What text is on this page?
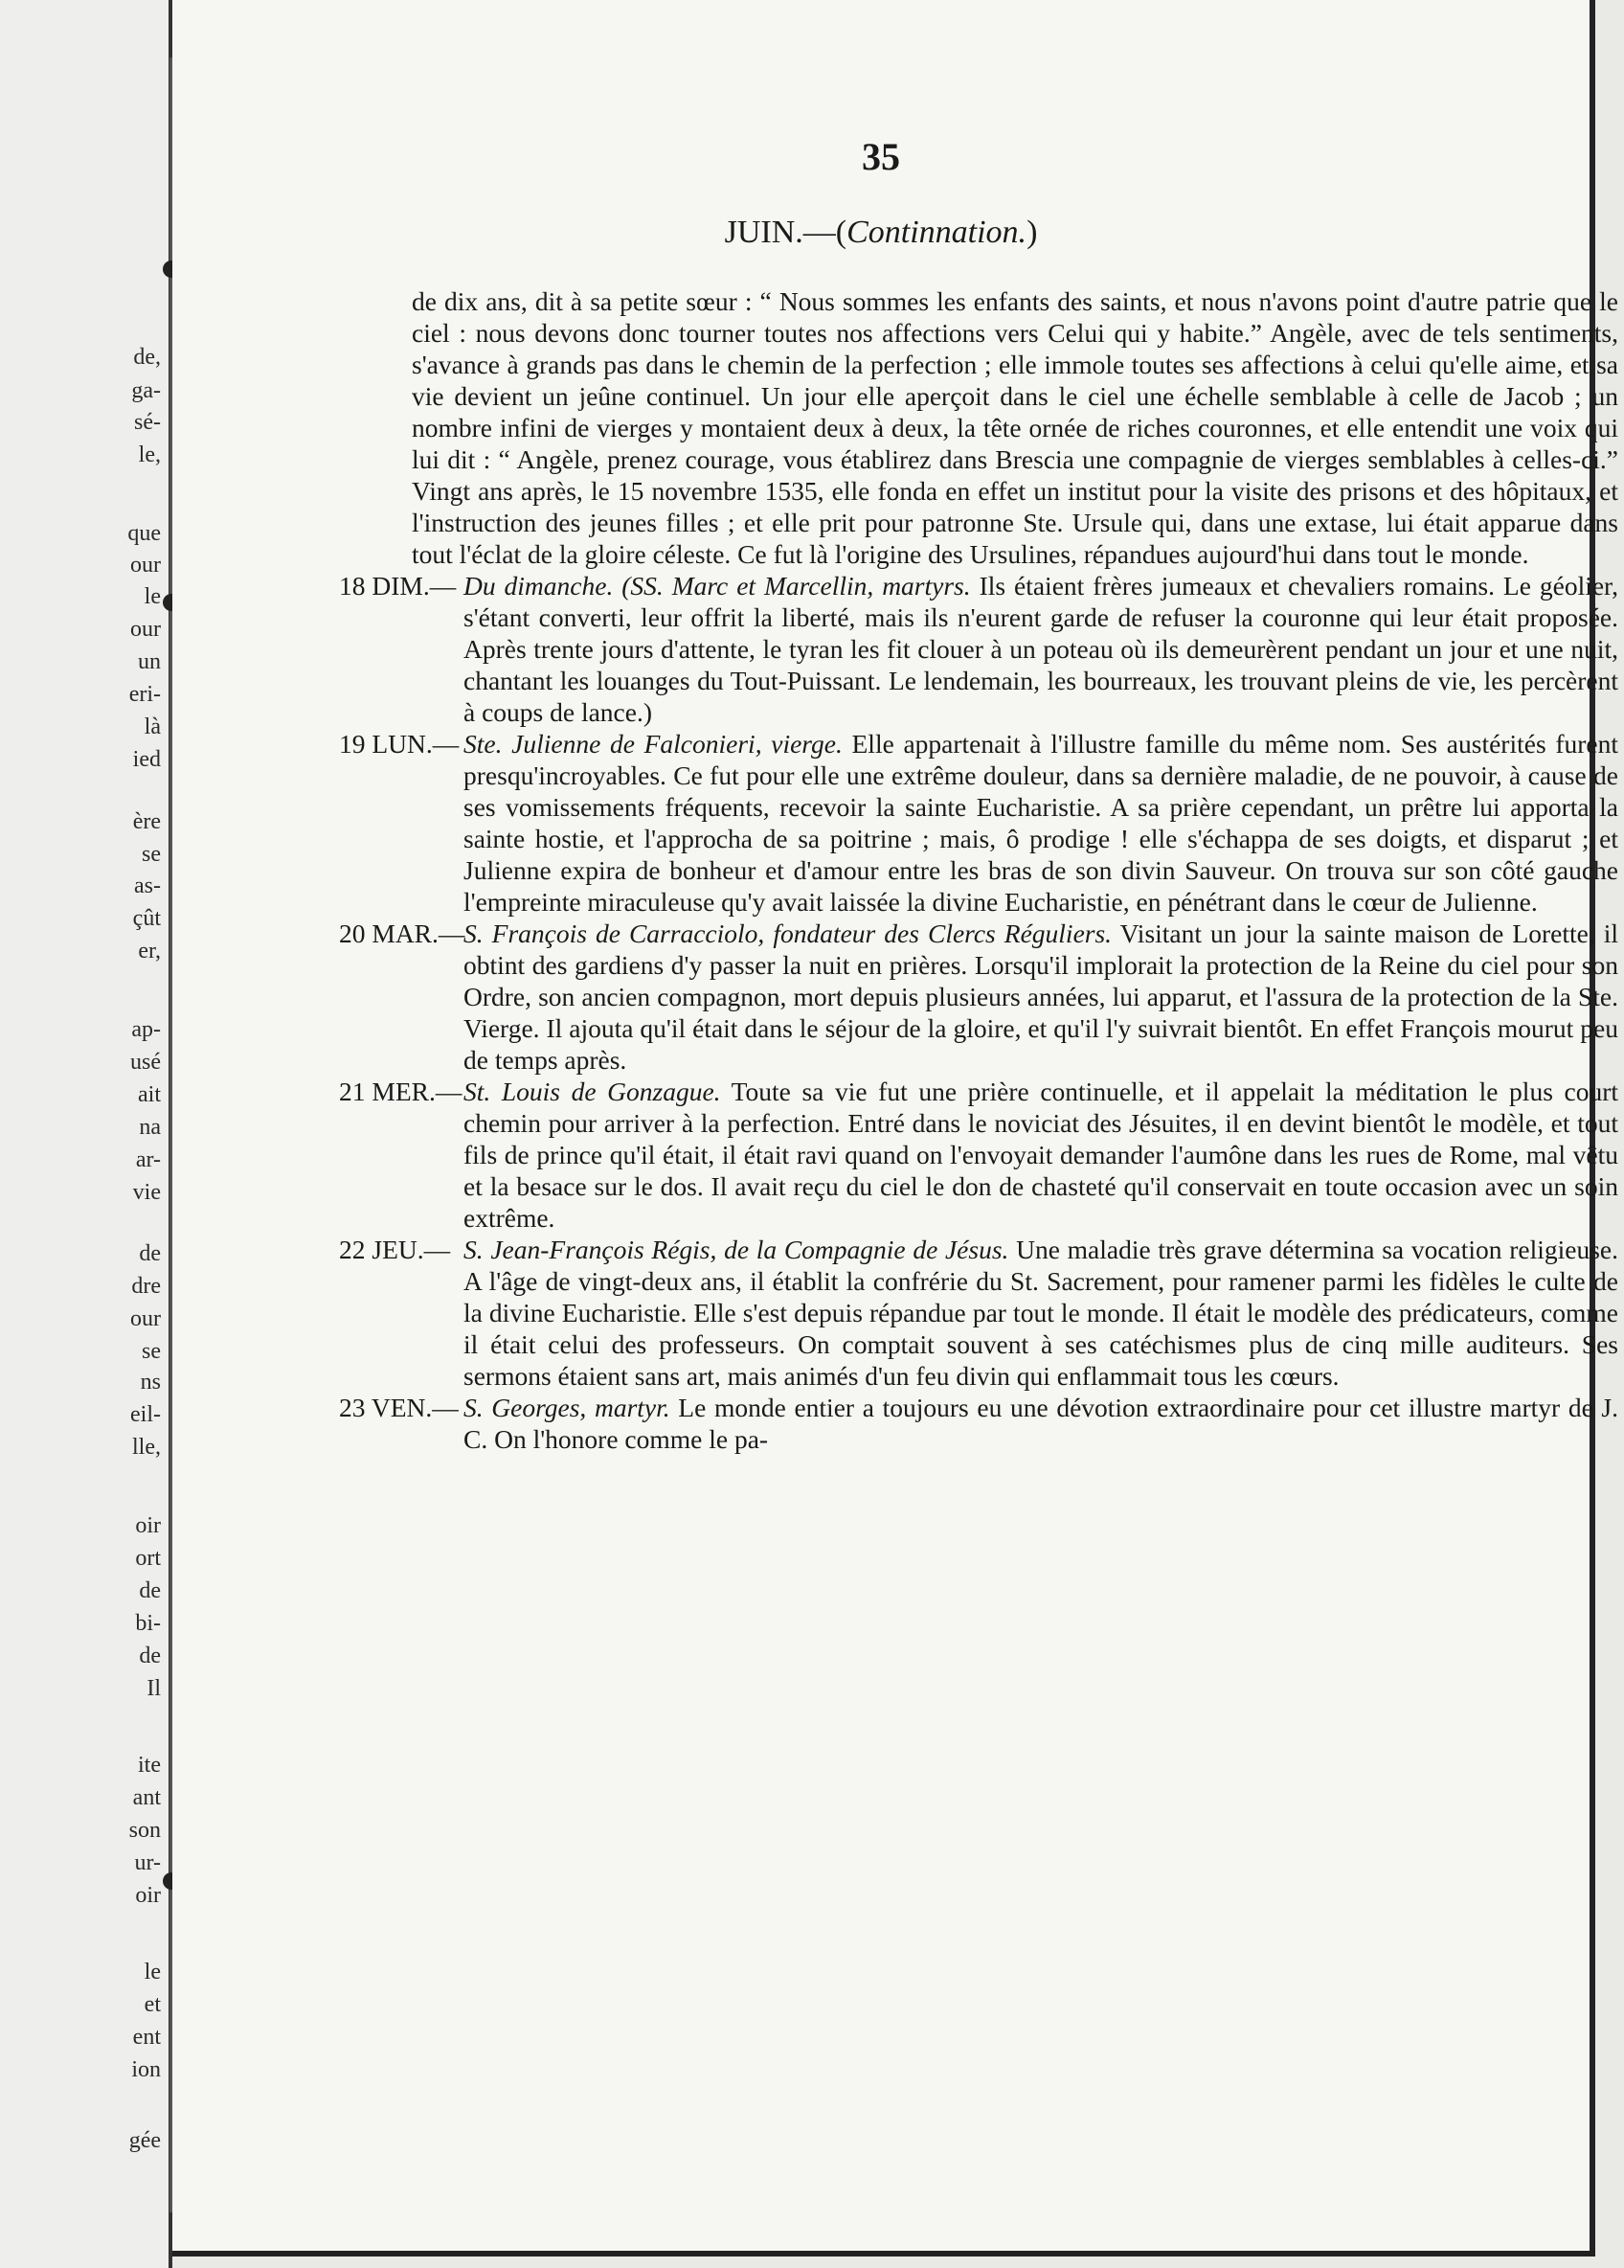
de,
ga-
sé-
le,
que
our
le
our
un
eri-
là
ied
ère
se
as-
çût
er,
ap-
usé
ait
na
ar-
vie
de
dre
our
se
ns
eil-
lle,
oir
ort
de
bi-
de
Il
ite
ant
son
ur-
oir
le
et
ent
ion
gée
35
JUIN.—(Continnation.)

de dix ans, dit à sa petite sœur : “ Nous sommes les enfants des saints, et nous n'avons point d'autre patrie que le ciel : nous devons donc tourner toutes nos affections vers Celui qui y habite.” Angèle, avec de tels sentiments, s'avance à grands pas dans le chemin de la perfection ; elle immole toutes ses affections à celui qu'elle aime, et sa vie devient un jeûne continuel. Un jour elle aperçoit dans le ciel une échelle semblable à celle de Jacob ; un nombre infini de vierges y montaient deux à deux, la tête ornée de riches couronnes, et elle entendit une voix qui lui dit : “ Angèle, prenez courage, vous établirez dans Brescia une compagnie de vierges semblables à celles-ci.” Vingt ans après, le 15 novembre 1535, elle fonda en effet un institut pour la visite des prisons et des hôpitaux, et l'instruction des jeunes filles ; et elle prit pour patronne Ste. Ursule qui, dans une extase, lui était apparue dans tout l'éclat de la gloire céleste. Ce fut là l'origine des Ursulines, répandues aujourd'hui dans tout le monde.

18 DIM.— Du dimanche. (SS. Marc et Marcellin, martyrs. Ils étaient frères jumeaux et chevaliers romains. Le géolier, s'étant converti, leur offrit la liberté, mais ils n'eurent garde de refuser la couronne qui leur était proposée. Après trente jours d'attente, le tyran les fit clouer à un poteau où ils demeurèrent pendant un jour et une nuit, chantant les louanges du Tout-Puissant. Le lendemain, les bourreaux, les trouvant pleins de vie, les percèrent à coups de lance.)

19 LUN.— Ste. Julienne de Falconieri, vierge. Elle appartenait à l'illustre famille du même nom. Ses austérités furent presqu'incroyables. Ce fut pour elle une extrême douleur, dans sa dernière maladie, de ne pouvoir, à cause de ses vomissements fréquents, recevoir la sainte Eucharistie. A sa prière cependant, un prêtre lui apporta la sainte hostie, et l'approcha de sa poitrine ; mais, ô prodige ! elle s'échappa de ses doigts, et disparut ; et Julienne expira de bonheur et d'amour entre les bras de son divin Sauveur. On trouva sur son côté gauche l'empreinte miraculeuse qu'y avait laissée la divine Eucharistie, en pénétrant dans le cœur de Julienne.

20 MAR.—

S. François de Carracciolo, fondateur des Clercs Réguliers. Visitant un jour la sainte maison de Lorette, il obtint des gardiens d'y passer la nuit en prières. Lorsqu'il implorait la protection de la Reine du ciel pour son Ordre, son ancien compagnon, mort depuis plusieurs années, lui apparut, et l'assura de la protection de la Ste. Vierge. Il ajouta qu'il était dans le séjour de la gloire, et qu'il l'y suivrait bientôt. En effet François mourut peu de temps après.

21 MER.— St. Louis de Gonzague. Toute sa vie fut une prière continuelle, et il appelait la méditation le plus court chemin pour arriver à la perfection. Entré dans le noviciat des Jésuites, il en devint bientôt le modèle, et tout fils de prince qu'il était, il était ravi quand on l'envoyait demander l'aumône dans les rues de Rome, mal vêtu et la besace sur le dos. Il avait reçu du ciel le don de chasteté qu'il conservait en toute occasion avec un soin extrême.

22 JEU.— S. Jean-François Régis, de la Compagnie de Jésus. Une maladie très grave détermina sa vocation religieuse. A l'âge de vingt-deux ans, il établit la confrérie du St. Sacrement, pour ramener parmi les fidèles le culte de la divine Eucharistie. Elle s'est depuis répandue par tout le monde. Il était le modèle des prédicateurs, comme il était celui des professeurs. On comptait souvent à ses catéchismes plus de cinq mille auditeurs. Ses sermons étaient sans art, mais animés d'un feu divin qui enflammait tous les cœurs.

23 VEN.— S. Georges, martyr. Le monde entier a toujours eu une dévotion extraordinaire pour cet illustre martyr de J. C. On l'honore comme le pa-
